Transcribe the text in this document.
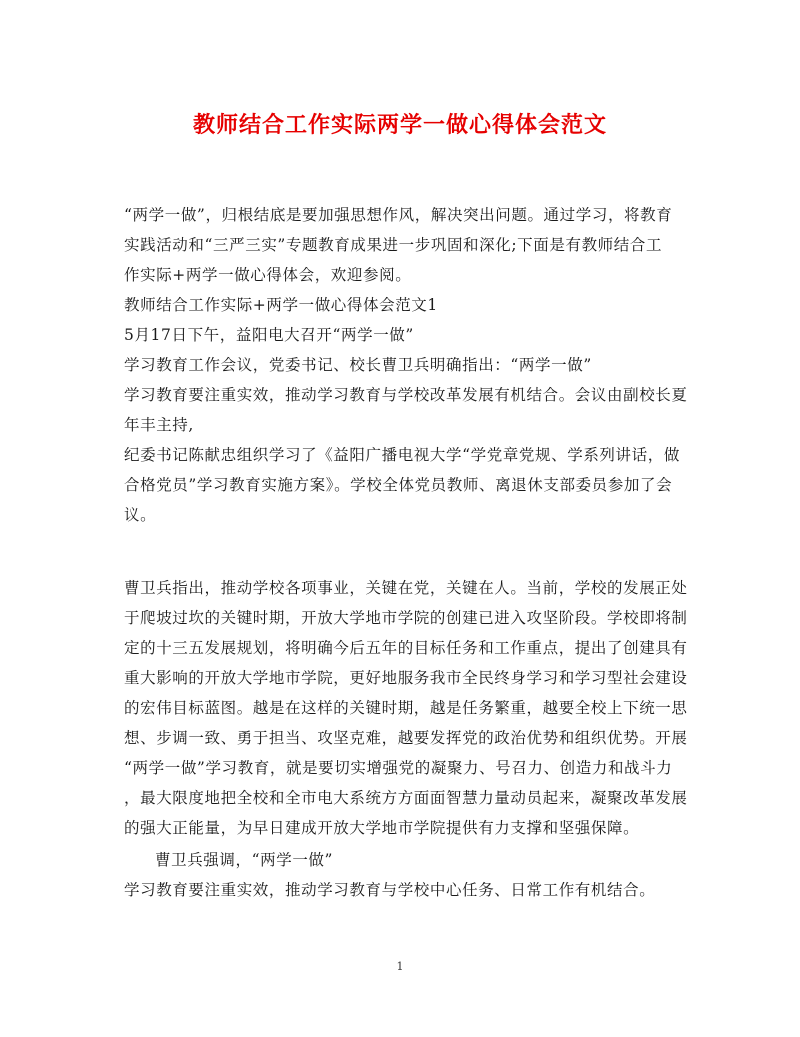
教师结合工作实际两学一做心得体会范文
“两学一做”，归根结底是要加强思想作风，解决突出问题。通过学习，将教育
实践活动和“三严三实”专题教育成果进一步巩固和深化;下面是有教师结合工
作实际+两学一做心得体会，欢迎参阅。
教师结合工作实际+两学一做心得体会范文1
5月17日下午，益阳电大召开“两学一做”
学习教育工作会议，党委书记、校长曹卫兵明确指出：“两学一做”
学习教育要注重实效，推动学习教育与学校改革发展有机结合。会议由副校长夏
年丰主持,
纪委书记陈献忠组织学习了《益阳广播电视大学“学党章党规、学系列讲话，做
合格党员”学习教育实施方案》。学校全体党员教师、离退休支部委员参加了会
议。
曹卫兵指出，推动学校各项事业，关键在党，关键在人。当前，学校的发展正处
于爬坡过坎的关键时期，开放大学地市学院的创建已进入攻坚阶段。学校即将制
定的十三五发展规划，将明确今后五年的目标任务和工作重点，提出了创建具有
重大影响的开放大学地市学院，更好地服务我市全民终身学习和学习型社会建设
的宏伟目标蓝图。越是在这样的关键时期，越是任务繁重，越要全校上下统一思
想、步调一致、勇于担当、攻坚克难，越要发挥党的政治优势和组织优势。开展
“两学一做”学习教育，就是要切实增强党的凝聚力、号召力、创造力和战斗力
，最大限度地把全校和全市电大系统方方面面智慧力量动员起来，凝聚改革发展
的强大正能量，为早日建成开放大学地市学院提供有力支撑和坚强保障。
曹卫兵强调，“两学一做”
学习教育要注重实效，推动学习教育与学校中心任务、日常工作有机结合。
1
